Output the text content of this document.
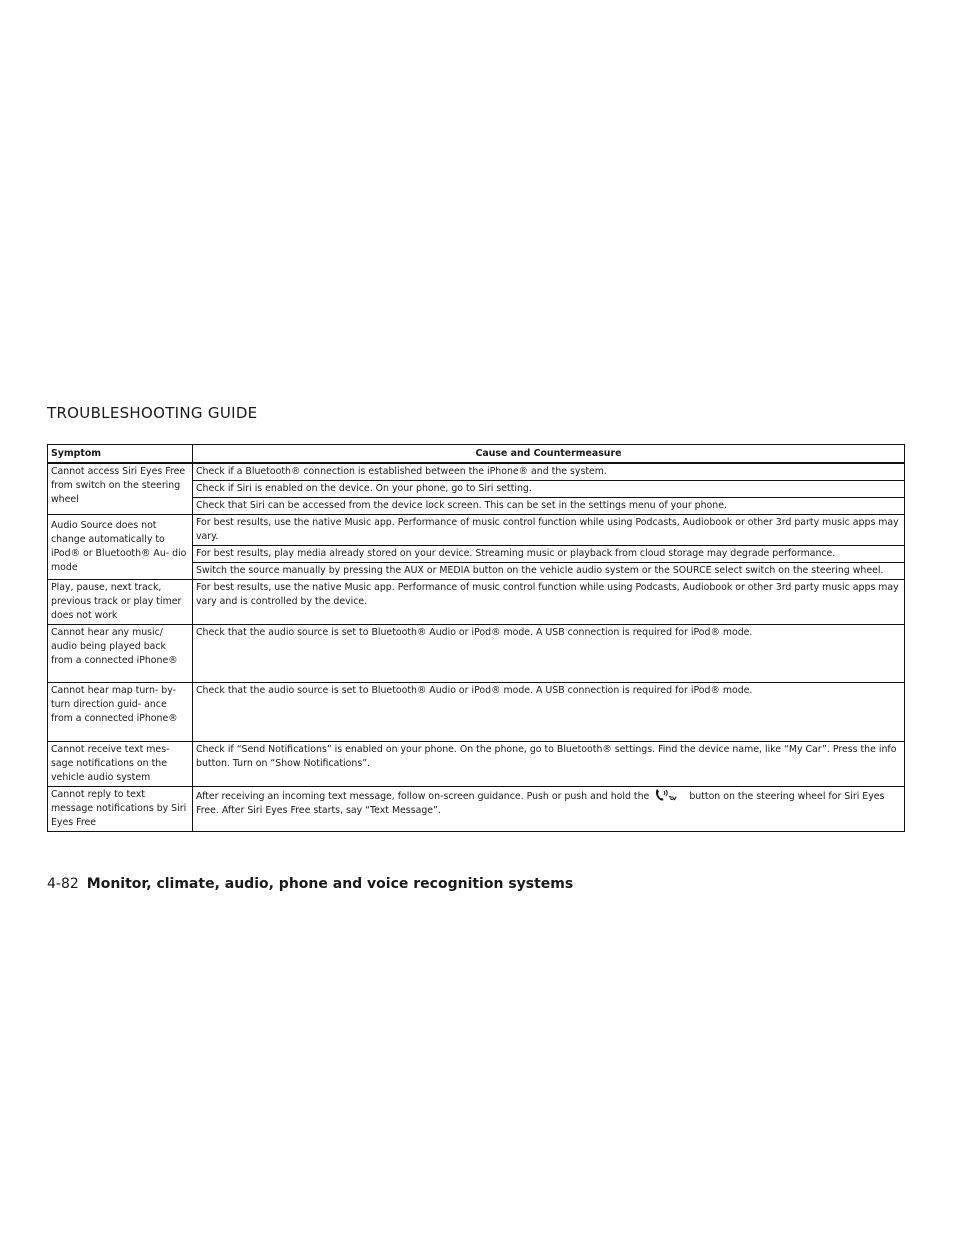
TROUBLESHOOTING GUIDE
Symptom	Cause and Countermeasure
Cannot access Siri Eyes Free from switch on the steering wheel	Check if a Bluetooth® connection is established between the iPhone® and the system.
	Check if Siri is enabled on the device. On your phone, go to Siri setting.
	Check that Siri can be accessed from the device lock screen. This can be set in the settings menu of your phone.
Audio Source does not change automatically to iPod® or Bluetooth® Au- dio mode	For best results, use the native Music app. Performance of music control function while using Podcasts, Audiobook or other 3rd party music apps may vary.
	For best results, play media already stored on your device. Streaming music or playback from cloud storage may degrade performance.
	Switch the source manually by pressing the AUX or MEDIA button on the vehicle audio system or the SOURCE select switch on the steering wheel.
Play, pause, next track, previous track or play timer does not work	For best results, use the native Music app. Performance of music control function while using Podcasts, Audiobook or other 3rd party music apps may vary and is controlled by the device.
Cannot hear any music/ audio being played back from a connected iPhone®	Check that the audio source is set to Bluetooth® Audio or iPod® mode. A USB connection is required for iPod® mode.
Cannot hear map turn- by-turn direction guid- ance from a connected iPhone®	Check that the audio source is set to Bluetooth® Audio or iPod® mode. A USB connection is required for iPod® mode.
Cannot receive text mes- sage notifications on the vehicle audio system	Check if “Send Notifications” is enabled on your phone. On the phone, go to Bluetooth® settings. Find the device name, like “My Car”. Press the info button. Turn on “Show Notifications”.
Cannot reply to text message notifications by Siri Eyes Free	After receiving an incoming text message, follow on-screen guidance. Push or push and hold the button on the steering wheel for Siri Eyes Free. After Siri Eyes Free starts, say “Text Message”.
4-82 Monitor, climate, audio, phone and voice recognition systems
